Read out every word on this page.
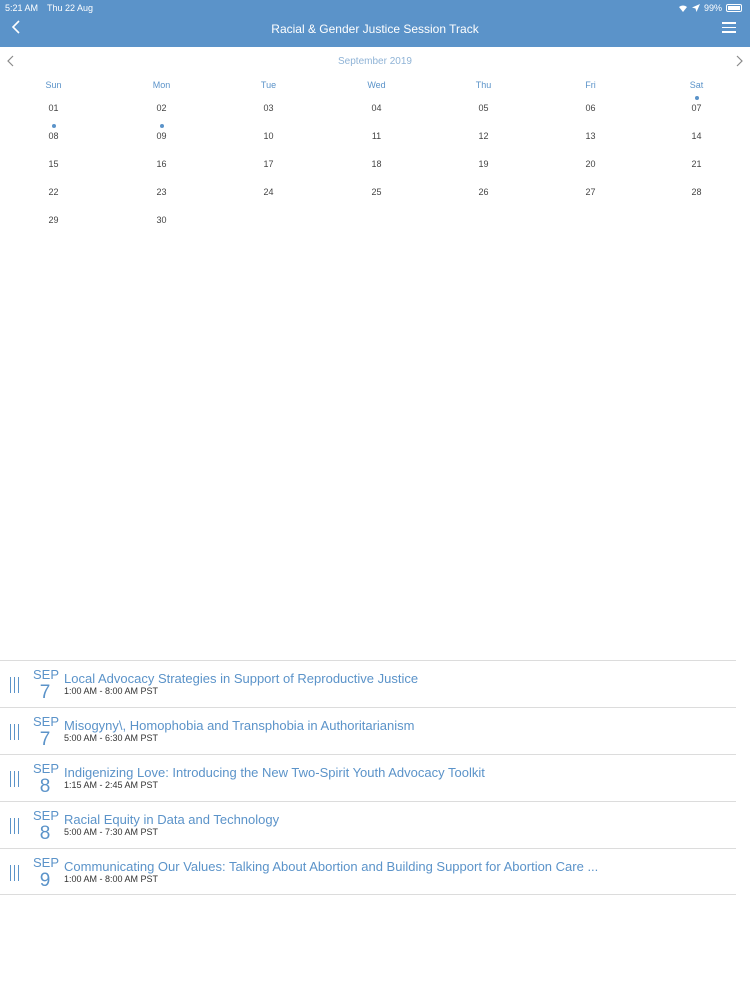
5:21 AM Thu 22 Aug	99%
Racial & Gender Justice Session Track
September 2019
Sun	Mon	Tue	Wed	Thu	Fri	Sat
01	02	03	04	05	06	07
08	09	10	11	12	13	14
15	16	17	18	19	20	21
22	23	24	25	26	27	28
29	30
SEP
7
Local Advocacy Strategies in Support of Reproductive Justice
1:00 AM - 8:00 AM PST
SEP
7
Misogyny\, Homophobia and Transphobia in Authoritarianism
5:00 AM - 6:30 AM PST
SEP
8
Indigenizing Love: Introducing the New Two-Spirit Youth Advocacy Toolkit
1:15 AM - 2:45 AM PST
SEP
8
Racial Equity in Data and Technology
5:00 AM - 7:30 AM PST
SEP
9
Communicating Our Values: Talking About Abortion and Building Support for Abortion Care ...
1:00 AM - 8:00 AM PST
